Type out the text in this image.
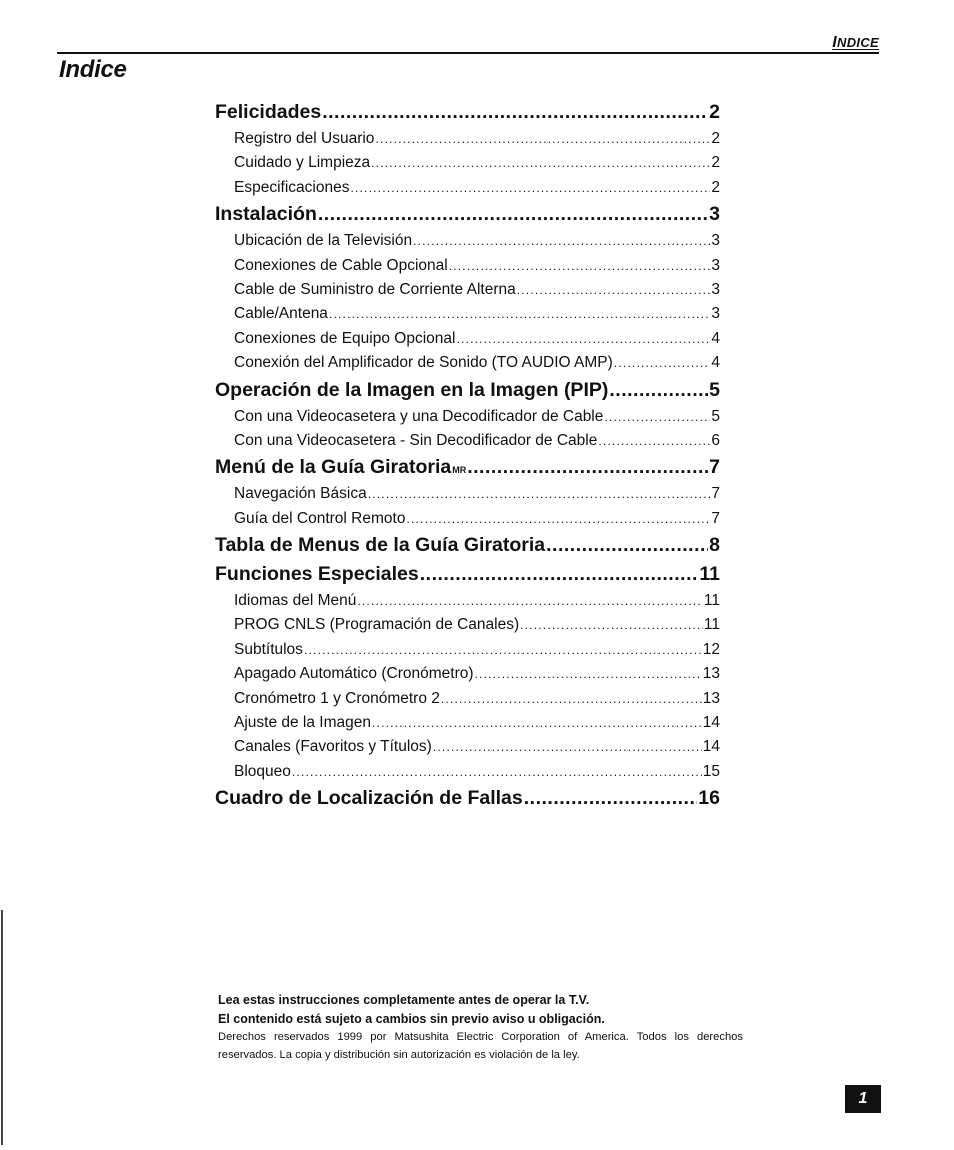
INDICE
Indice
Felicidades .....	2
Registro del Usuario .....	2
Cuidado y Limpieza .....	2
Especificaciones .....	2
Instalación .....	3
Ubicación de la Televisión .....	3
Conexiones de Cable Opcional .....	3
Cable de Suministro de Corriente Alterna .....	3
Cable/Antena .....	3
Conexiones de Equipo Opcional .....	4
Conexión del Amplificador de Sonido (TO AUDIO AMP) .....	4
Operación de la Imagen en la Imagen (PIP) .....	5
Con una Videocasetera y una Decodificador de Cable .....	5
Con una Videocasetera - Sin Decodificador de Cable .....	6
Menú de la Guía Giratoria MR .....	7
Navegación Básica .....	7
Guía del Control Remoto .....	7
Tabla de Menus de la Guía Giratoria .....	8
Funciones Especiales .....	11
Idiomas del Menú .....	11
PROG CNLS (Programación de Canales) .....	11
Subtítulos .....	12
Apagado Automático (Cronómetro) .....	13
Cronómetro 1 y Cronómetro 2 .....	13
Ajuste de la Imagen .....	14
Canales (Favoritos y Títulos) .....	14
Bloqueo .....	15
Cuadro de Localización de Fallas .....	16
Lea estas instrucciones completamente antes de operar la T.V.
El contenido está sujeto a cambios sin previo aviso u obligación.
Derechos reservados 1999 por Matsushita Electric Corporation of America. Todos los derechos reservados. La copia y distribución sin autorización es violación de la ley.
1
